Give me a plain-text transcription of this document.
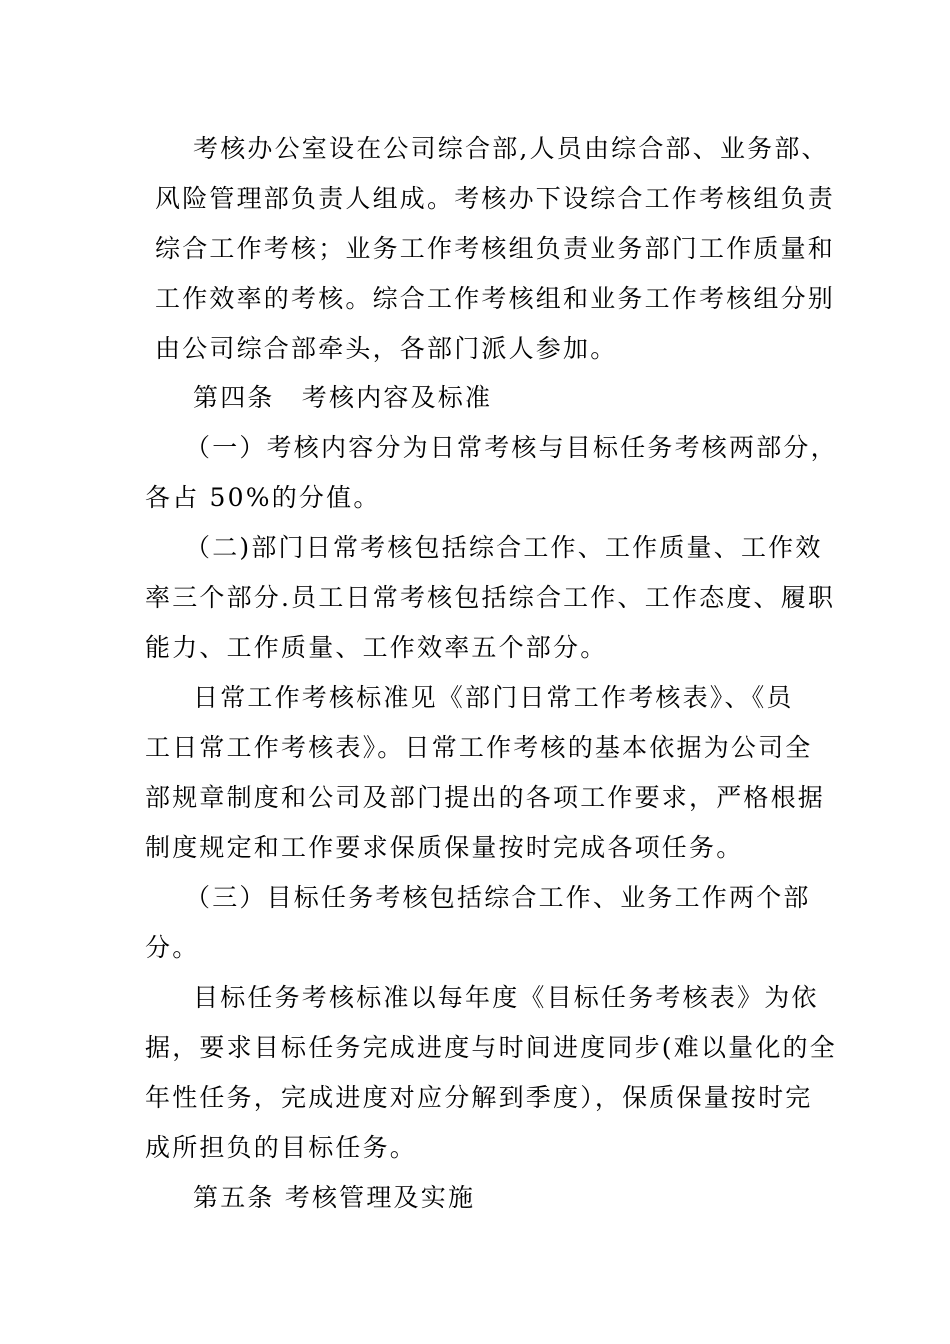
考核办公室设在公司综合部,人员由综合部、业务部、
风险管理部负责人组成。考核办下设综合工作考核组负责
综合工作考核；业务工作考核组负责业务部门工作质量和
工作效率的考核。综合工作考核组和业务工作考核组分别
由公司综合部牵头，各部门派人参加。
第四条　考核内容及标准
（一）考核内容分为日常考核与目标任务考核两部分，
各占 50%的分值。
（二)部门日常考核包括综合工作、工作质量、工作效
率三个部分.员工日常考核包括综合工作、工作态度、履职
能力、工作质量、工作效率五个部分。
日常工作考核标准见《部门日常工作考核表》、《员
工日常工作考核表》。日常工作考核的基本依据为公司全
部规章制度和公司及部门提出的各项工作要求，严格根据
制度规定和工作要求保质保量按时完成各项任务。
（三）目标任务考核包括综合工作、业务工作两个部
分。
目标任务考核标准以每年度《目标任务考核表》为依
据，要求目标任务完成进度与时间进度同步(难以量化的全
年性任务，完成进度对应分解到季度），保质保量按时完
成所担负的目标任务。
第五条 考核管理及实施
